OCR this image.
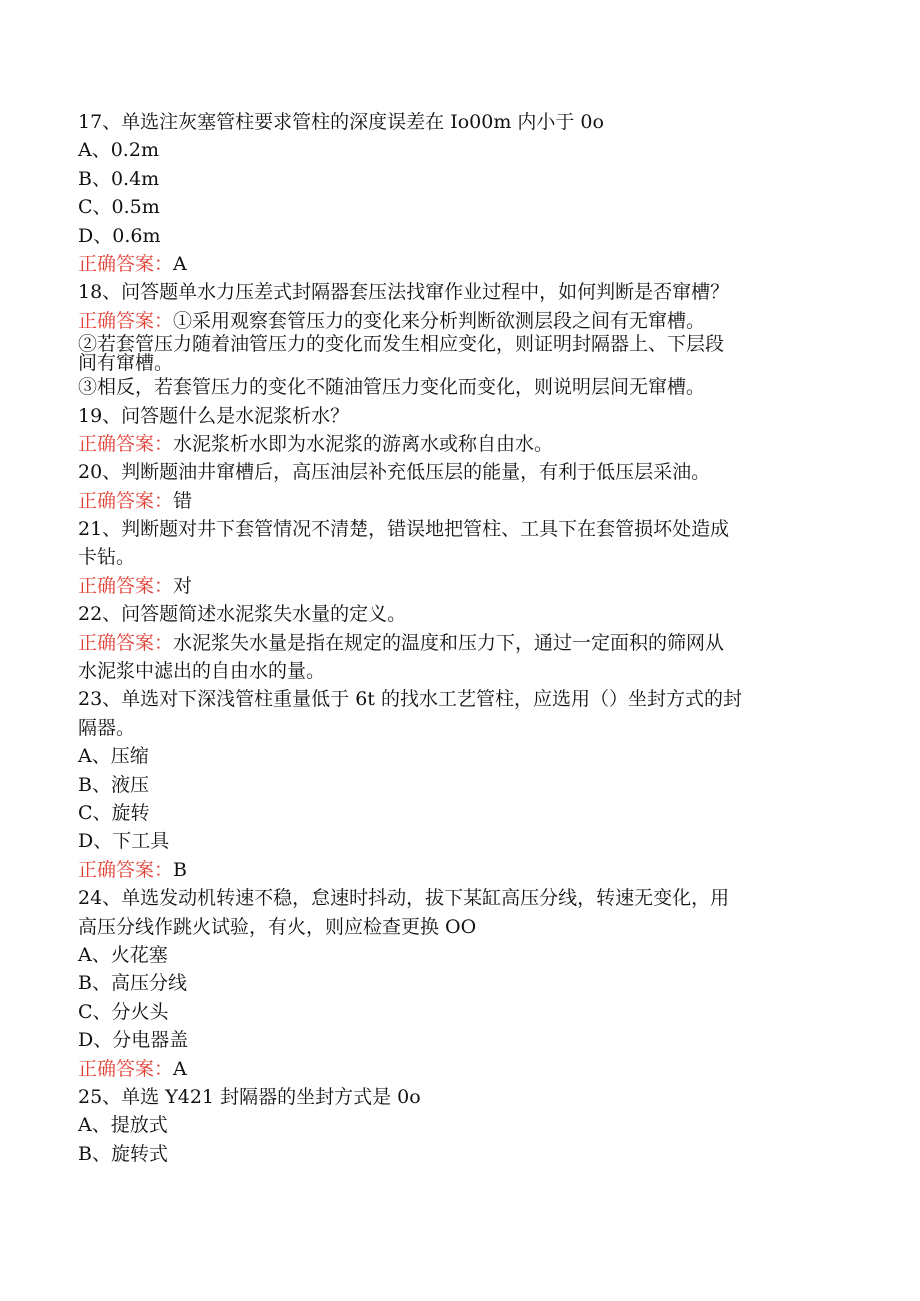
17、单选注灰塞管柱要求管柱的深度误差在 Io00m 内小于 0o
A、0.2m
B、0.4m
C、0.5m
D、0.6m
正确答案：A
18、问答题单水力压差式封隔器套压法找窜作业过程中，如何判断是否窜槽？
正确答案：①采用观察套管压力的变化来分析判断欲测层段之间有无窜槽。
②若套管压力随着油管压力的变化而发生相应变化，则证明封隔器上、下层段
间有窜槽。
③相反，若套管压力的变化不随油管压力变化而变化，则说明层间无窜槽。
19、问答题什么是水泥浆析水？
正确答案：水泥浆析水即为水泥浆的游离水或称自由水。
20、判断题油井窜槽后，高压油层补充低压层的能量，有利于低压层采油。
正确答案：错
21、判断题对井下套管情况不清楚，错误地把管柱、工具下在套管损坏处造成
卡钻。
正确答案：对
22、问答题简述水泥浆失水量的定义。
正确答案：水泥浆失水量是指在规定的温度和压力下，通过一定面积的筛网从
水泥浆中滤出的自由水的量。
23、单选对下深浅管柱重量低于 6t 的找水工艺管柱，应选用（）坐封方式的封
隔器。
A、压缩
B、液压
C、旋转
D、下工具
正确答案：B
24、单选发动机转速不稳，怠速时抖动，拔下某缸高压分线，转速无变化，用
高压分线作跳火试验，有火，则应检查更换 OO
A、火花塞
B、高压分线
C、分火头
D、分电器盖
正确答案：A
25、单选 Y421 封隔器的坐封方式是 0o
A、提放式
B、旋转式
